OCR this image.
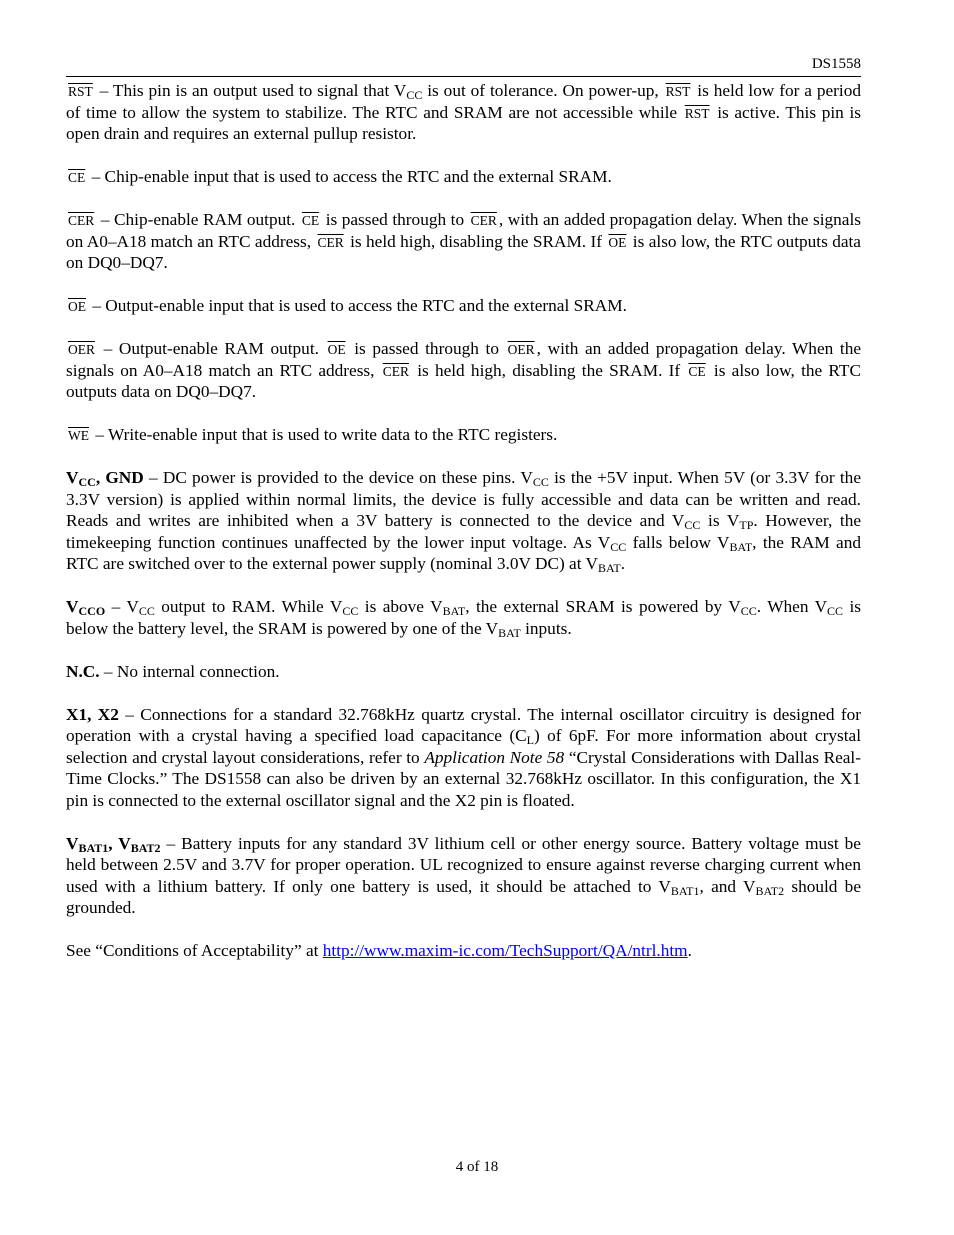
DS1558

$\overline{RST}$ – This pin is an output used to signal that $V_{CC}$ is out of tolerance. On power-up, $\overline{RST}$ is held low for a period of time to allow the system to stabilize. The RTC and SRAM are not accessible while $\overline{RST}$ is active. This pin is open drain and requires an external pullup resistor.

$\overline{CE}$ – Chip-enable input that is used to access the RTC and the external SRAM.

$\overline{CER}$ – Chip-enable RAM output. $\overline{CE}$ is passed through to $\overline{CER}$ , with an added propagation delay. When the signals on A0–A18 match an RTC address, $\overline{CER}$ is held high, disabling the SRAM. If $\overline{OE}$ is also low, the RTC outputs data on DQ0–DQ7.

$\overline{OE}$ – Output-enable input that is used to access the RTC and the external SRAM.

$\overline{OER}$ – Output-enable RAM output. $\overline{OE}$ is passed through to $\overline{OER}$ , with an added propagation delay. When the signals on A0–A18 match an RTC address, $\overline{CER}$ is held high, disabling the SRAM. If $\overline{CE}$ is also low, the RTC outputs data on DQ0–DQ7.

$\overline{WE}$ – Write-enable input that is used to write data to the RTC registers.

$V_{CC}$, GND – DC power is provided to the device on these pins. $V_{CC}$ is the +5V input. When 5V (or 3.3V for the 3.3V version) is applied within normal limits, the device is fully accessible and data can be written and read. Reads and writes are inhibited when a 3V battery is connected to the device and $V_{CC}$ is $V_{TP}$. However, the timekeeping function continues unaffected by the lower input voltage. As $V_{CC}$ falls below $V_{BAT}$, the RAM and RTC are switched over to the external power supply (nominal 3.0V DC) at $V_{BAT}$.

$V_{CCO} - V_{CC}$ output to RAM. While $V_{CC}$ is above $V_{BAT}$, the external SRAM is powered by $V_{CC}$. When $V_{CC}$ is below the battery level, the SRAM is powered by one of the $V_{BAT}$ inputs.

N.C. – No internal connection.

X1, X2 – Connections for a standard 32.768kHz quartz crystal. The internal oscillator circuitry is designed for operation with a crystal having a specified load capacitance $(C_L)$ of 6pF. For more information about crystal selection and crystal layout considerations, refer to Application Note 58 “Crystal Considerations with Dallas Real-Time Clocks.” The DS1558 can also be driven by an external 32.768kHz oscillator. In this configuration, the X1 pin is connected to the external oscillator signal and the X2 pin is floated.

$V_{BAT1}$, $V_{BAT2}$ – Battery inputs for any standard 3V lithium cell or other energy source. Battery voltage must be held between 2.5V and 3.7V for proper operation. UL recognized to ensure against reverse charging current when used with a lithium battery. If only one battery is used, it should be attached to $V_{BAT1}$, and $V_{BAT2}$ should be grounded.

See “Conditions of Acceptability” at http://www.maxim-ic.com/TechSupport/QA/ntrl.htm.

4 of 18
